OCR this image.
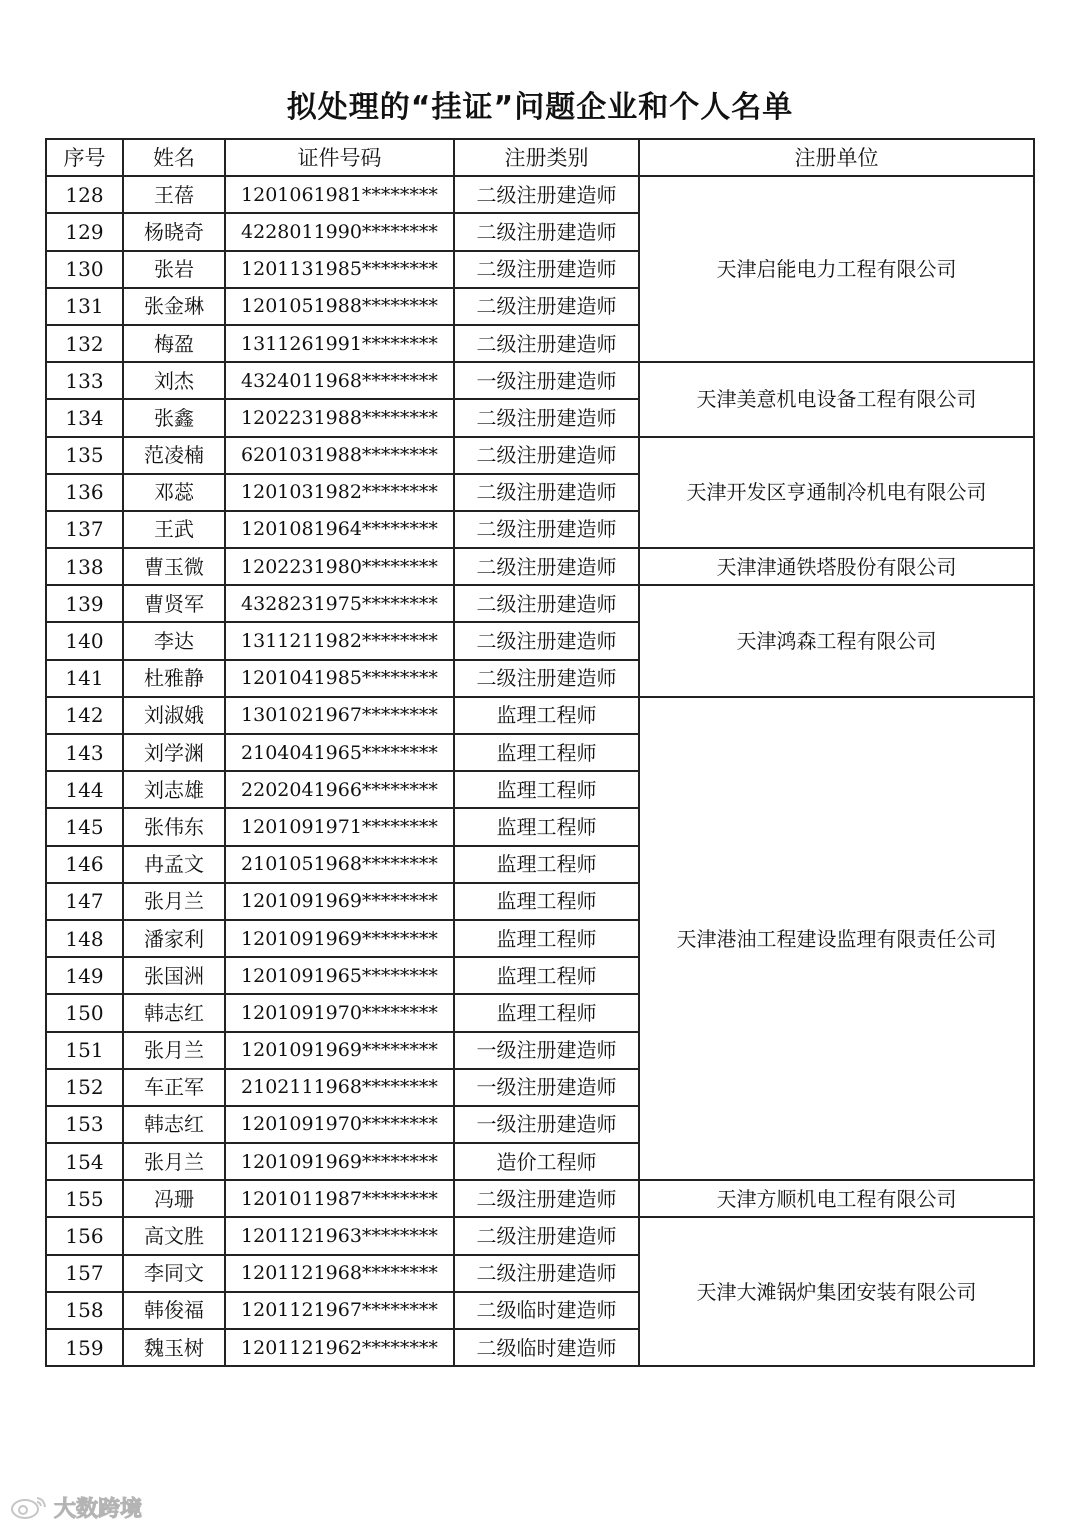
拟处理的“挂证”问题企业和个人名单
序号	姓名	证件号码	注册类别	注册单位
128	王蓓	1201061981********	二级注册建造师	天津启能电力工程有限公司
129	杨晓奇	4228011990********	二级注册建造师	
130	张岩	1201131985********	二级注册建造师	
131	张金琳	1201051988********	二级注册建造师	
132	梅盈	1311261991********	二级注册建造师	
133	刘杰	4324011968********	一级注册建造师	天津美意机电设备工程有限公司
134	张鑫	1202231988********	二级注册建造师	
135	范凌楠	6201031988********	二级注册建造师	天津开发区亨通制冷机电有限公司
136	邓蕊	1201031982********	二级注册建造师	
137	王武	1201081964********	二级注册建造师	
138	曹玉微	1202231980********	二级注册建造师	天津津通铁塔股份有限公司
139	曹贤军	4328231975********	二级注册建造师	天津鸿森工程有限公司
140	李达	1311211982********	二级注册建造师	
141	杜雅静	1201041985********	二级注册建造师	
142	刘淑娥	1301021967********	监理工程师	天津港油工程建设监理有限责任公司
143	刘学渊	2104041965********	监理工程师	
144	刘志雄	2202041966********	监理工程师	
145	张伟东	1201091971********	监理工程师	
146	冉孟文	2101051968********	监理工程师	
147	张月兰	1201091969********	监理工程师	
148	潘家利	1201091969********	监理工程师	
149	张国洲	1201091965********	监理工程师	
150	韩志红	1201091970********	监理工程师	
151	张月兰	1201091969********	一级注册建造师	
152	车正军	2102111968********	一级注册建造师	
153	韩志红	1201091970********	一级注册建造师	
154	张月兰	1201091969********	造价工程师	
155	冯珊	1201011987********	二级注册建造师	天津方顺机电工程有限公司
156	高文胜	1201121963********	二级注册建造师	天津大滩锅炉集团安装有限公司
157	李同文	1201121968********	二级注册建造师	
158	韩俊福	1201121967********	二级临时建造师	
159	魏玉树	1201121962********	二级临时建造师	
大数跨境
